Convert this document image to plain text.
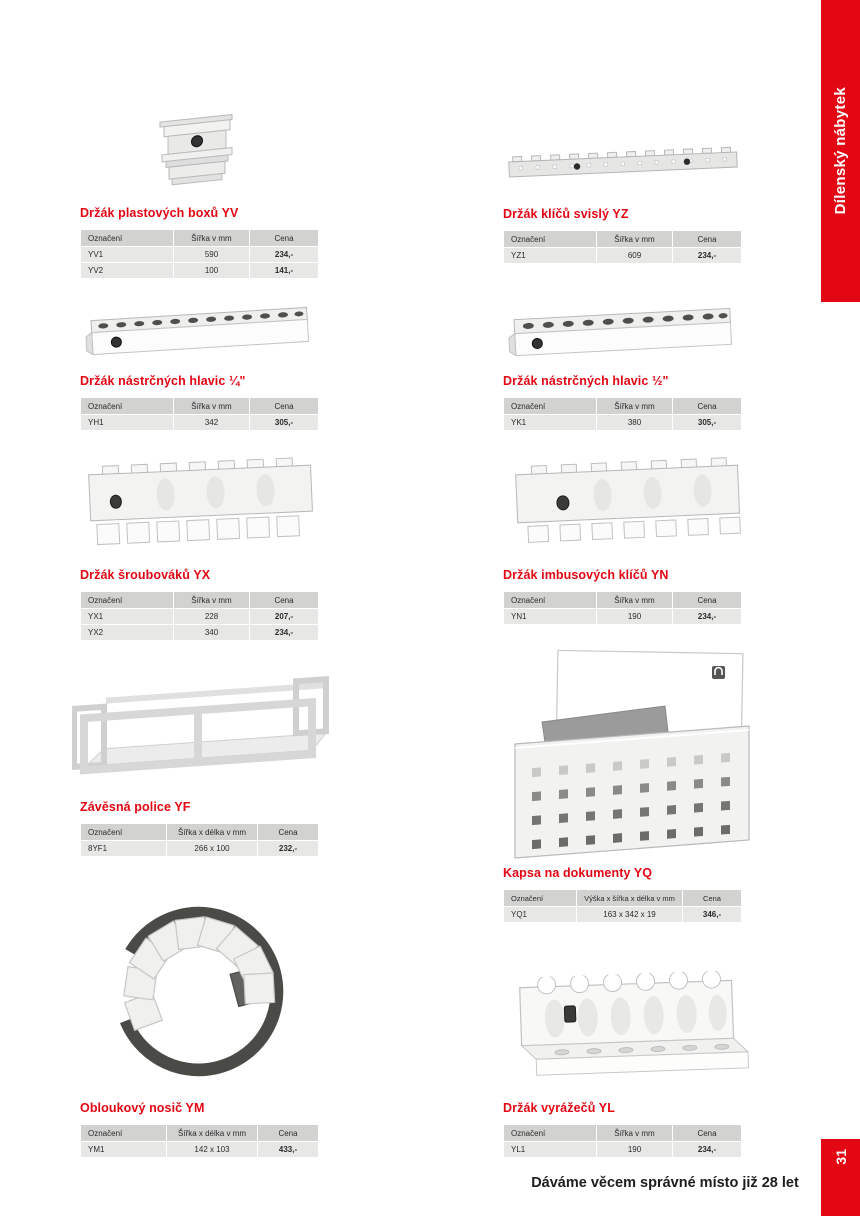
Držák plastových boxů YV
Označení	Šířka v mm	Cena
YV1	590	234,-
YV2	100	141,-
Držák nástrčných hlavic ¼"
Označení	Šířka v mm	Cena
YH1	342	305,-
Držák šroubováků YX
Označení	Šířka v mm	Cena
YX1	228	207,-
YX2	340	234,-
Závěsná police YF
Označení	Šířka x délka v mm	Cena
8YF1	266 x 100	232,-
Obloukový nosič YM
Označení	Šířka x délka v mm	Cena
YM1	142 x 103	433,-
Držák klíčů svislý YZ
Označení	Šířka v mm	Cena
YZ1	609	234,-
Držák nástrčných hlavic ½"
Označení	Šířka v mm	Cena
YK1	380	305,-
Držák imbusových klíčů YN
Označení	Šířka v mm	Cena
YN1	190	234,-
Kapsa na dokumenty YQ
Označení	Výška x šířka x délka v mm	Cena
YQ1	163 x 342 x 19	346,-
Držák vyrážečů YL
Označení	Šířka v mm	Cena
YL1	190	234,-
Dílenský nábytek
31
Dáváme věcem správné místo již 28 let
